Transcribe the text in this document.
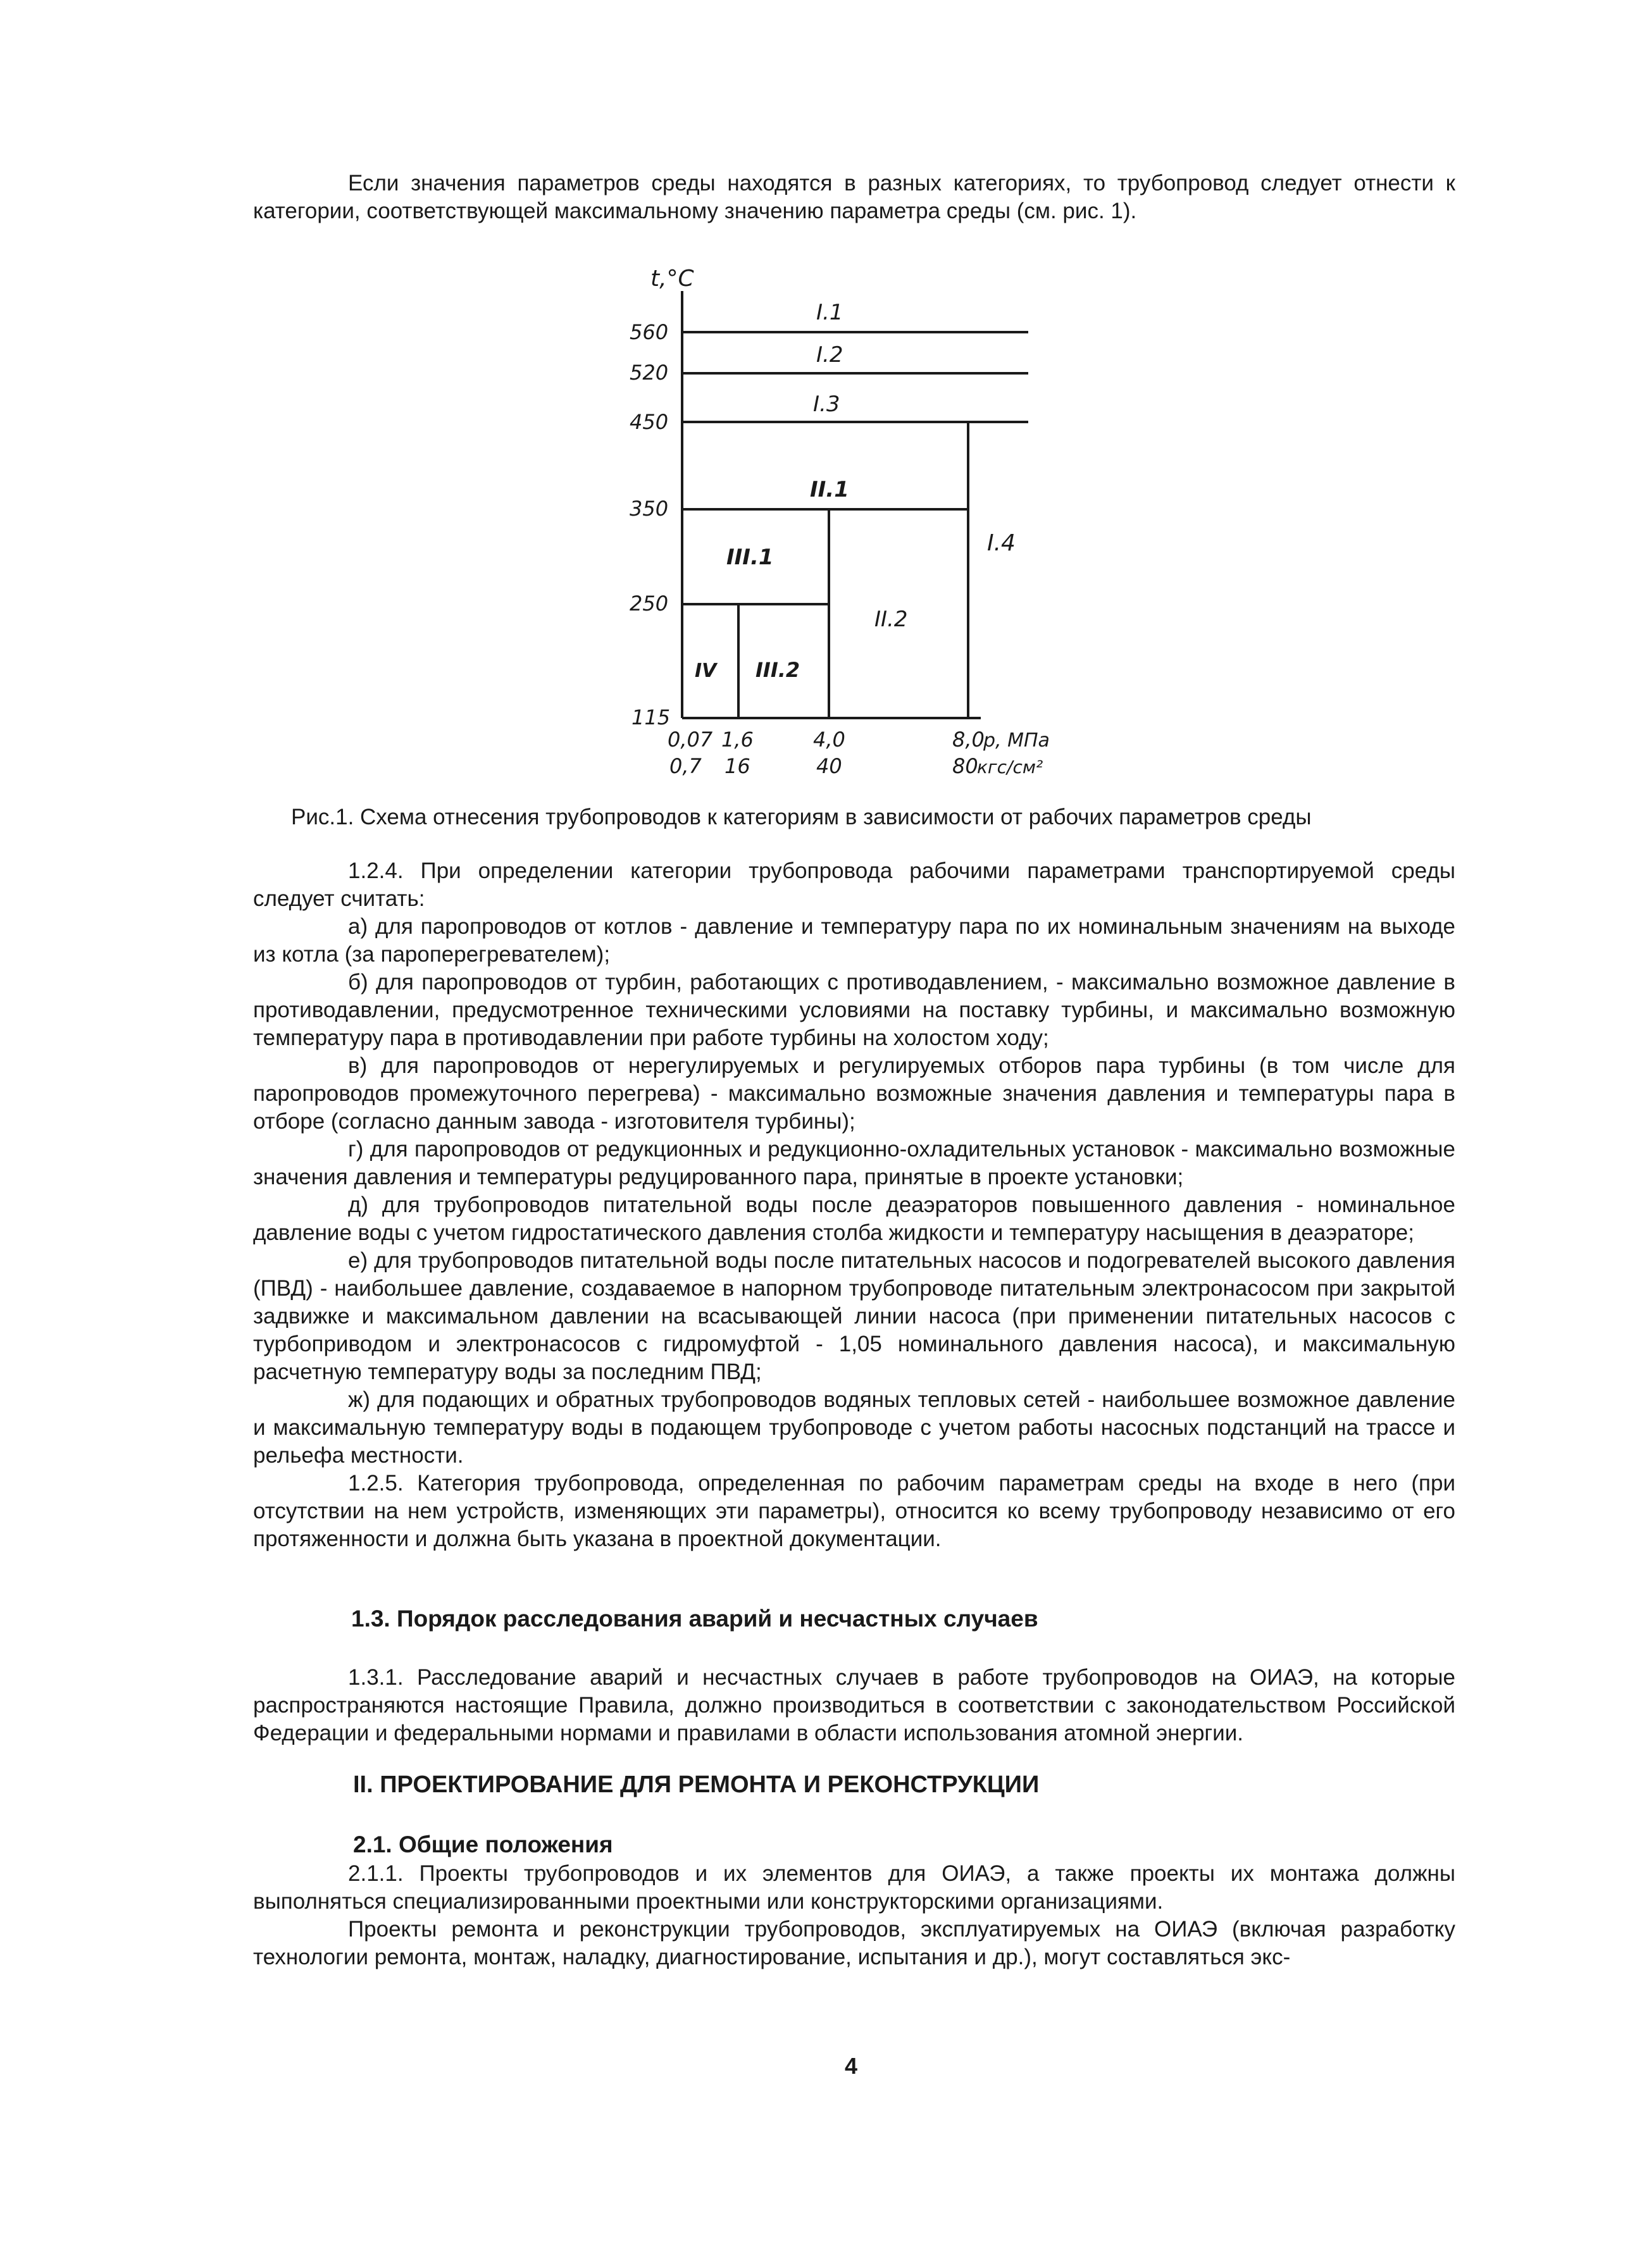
Если значения параметров среды находятся в разных категориях, то трубопровод следует отнести к категории, соответствующей максимальному значению параметра среды (см. рис. 1).

t,°C
560
520
450
350
250
115
I.1
I.2
I.3
II.1
I.4
III.1
II.2
IV III.2
0,07 1,6	4,0	8,0
р, МПа
0,7 16	40	80
кгс/см²
Рис.1. Схема отнесения трубопроводов к категориям в зависимости от рабочих параметров среды

1.2.4. При определении категории трубопровода рабочими параметрами транспортируемой среды следует считать:

а) для паропроводов от котлов - давление и температуру пара по их номинальным значениям на выходе из котла (за пароперегревателем);

б) для паропроводов от турбин, работающих с противодавлением, - максимально возможное давление в противодавлении, предусмотренное техническими условиями на поставку турбины, и максимально возможную температуру пара в противодавлении при работе турбины на холостом ходу;

в) для паропроводов от нерегулируемых и регулируемых отборов пара турбины (в том числе для паропроводов промежуточного перегрева) - максимально возможные значения давления и температуры пара в отборе (согласно данным завода - изготовителя турбины);

г) для паропроводов от редукционных и редукционно-охладительных установок - максимально возможные значения давления и температуры редуцированного пара, принятые в проекте установки;

д) для трубопроводов питательной воды после деаэраторов повышенного давления - номинальное давление воды с учетом гидростатического давления столба жидкости и температуру насыщения в деаэраторе;

е) для трубопроводов питательной воды после питательных насосов и подогревателей высокого давления (ПВД) - наибольшее давление, создаваемое в напорном трубопроводе питательным электронасосом при закрытой задвижке и максимальном давлении на всасывающей линии насоса (при применении питательных насосов с турбоприводом и электронасосов с гидромуфтой - 1,05 номинального давления насоса), и максимальную расчетную температуру воды за последним ПВД;

ж) для подающих и обратных трубопроводов водяных тепловых сетей - наибольшее возможное давление и максимальную температуру воды в подающем трубопроводе с учетом работы насосных подстанций на трассе и рельефа местности.

1.2.5. Категория трубопровода, определенная по рабочим параметрам среды на входе в него (при отсутствии на нем устройств, изменяющих эти параметры), относится ко всему трубопроводу независимо от его протяженности и должна быть указана в проектной документации.

1.3. Порядок расследования аварий и несчастных случаев

1.3.1. Расследование аварий и несчастных случаев в работе трубопроводов на ОИАЭ, на которые распространяются настоящие Правила, должно производиться в соответствии с законодательством Российской Федерации и федеральными нормами и правилами в области использования атомной энергии.

II. ПРОЕКТИРОВАНИЕ ДЛЯ РЕМОНТА И РЕКОНСТРУКЦИИ
2.1. Общие положения

2.1.1. Проекты трубопроводов и их элементов для ОИАЭ, а также проекты их монтажа должны выполняться специализированными проектными или конструкторскими организациями.

Проекты ремонта и реконструкции трубопроводов, эксплуатируемых на ОИАЭ (включая разработку технологии ремонта, монтаж, наладку, диагностирование, испытания и др.), могут составляться экс-

4
